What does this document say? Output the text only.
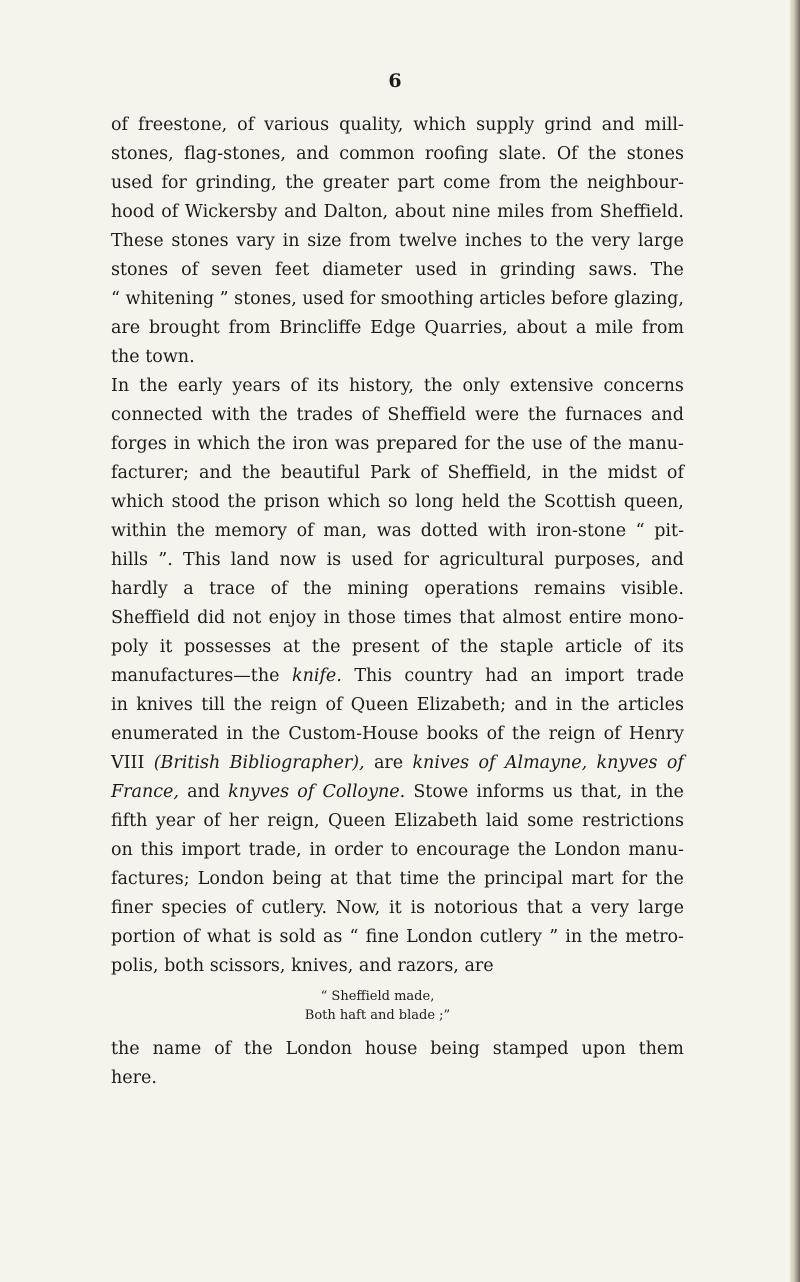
6
of freestone, of various quality, which supply grind and mill-
stones, flag-stones, and common roofing slate. Of the stones
used for grinding, the greater part come from the neighbour-
hood of Wickersby and Dalton, about nine miles from Sheffield.
These stones vary in size from twelve inches to the very large
stones of seven feet diameter used in grinding saws. The
“ whitening ” stones, used for smoothing articles before glazing,
are brought from Brincliffe Edge Quarries, about a mile from
the
town.
In the early years of its history, the only extensive concerns
connected with the trades of Sheffield were the furnaces and
forges in which the iron was prepared for the use of the manu-
facturer; and the beautiful Park of Sheffield, in the midst of
which stood the prison which so long held the Scottish queen,
within the memory of man, was dotted with iron-stone “ pit-
hills ”. This land now is used for agricultural purposes, and
hardly a trace of the mining operations remains visible.
Sheffield did not enjoy in those times that almost entire mono-
poly it possesses at the present of the staple article of its
manufactures—the knife. This country had an import trade
in knives till the reign of Queen Elizabeth; and in the articles
enumerated in the Custom-House books of the reign of Henry
VIII (British Bibliographer), are knives of Almayne, knyves of
France, and knyves of Colloyne. Stowe informs us that, in the
fifth year of her reign, Queen Elizabeth laid some restrictions
on this import trade, in order to encourage the London manu-
factures; London being at that time the principal mart for the
finer species of cutlery. Now, it is notorious that a very large
portion of what is sold as “ fine London cutlery ” in the metro-
polis,
both
scissors,
knives,
and
razors,
are
“ Sheffield made,
Both haft and blade ;”
the name of the London house being stamped upon them
here.
